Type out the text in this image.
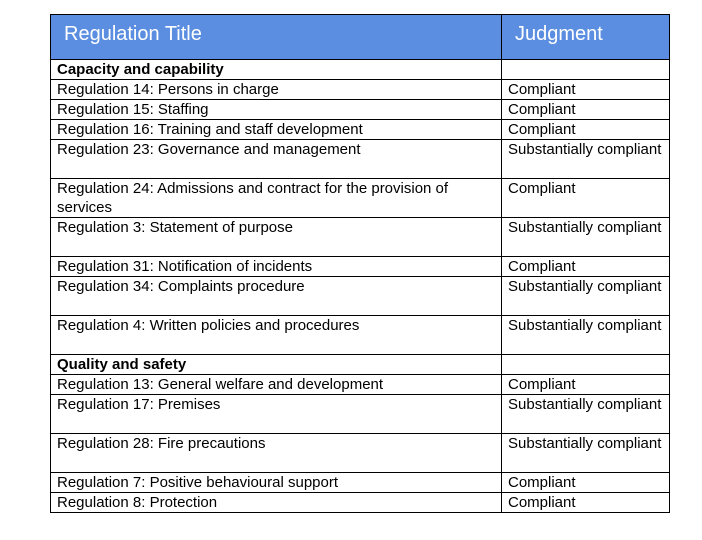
Regulation Title	Judgment
Capacity and capability	
Regulation 14: Persons in charge	Compliant
Regulation 15: Staffing	Compliant
Regulation 16: Training and staff development	Compliant
Regulation 23: Governance and management	Substantially compliant
Regulation 24: Admissions and contract for the provision of services	Compliant
Regulation 3: Statement of purpose	Substantially compliant
Regulation 31: Notification of incidents	Compliant
Regulation 34: Complaints procedure	Substantially compliant
Regulation 4: Written policies and procedures	Substantially compliant
Quality and safety	
Regulation 13: General welfare and development	Compliant
Regulation 17: Premises	Substantially compliant
Regulation 28: Fire precautions	Substantially compliant
Regulation 7: Positive behavioural support	Compliant
Regulation 8: Protection	Compliant
